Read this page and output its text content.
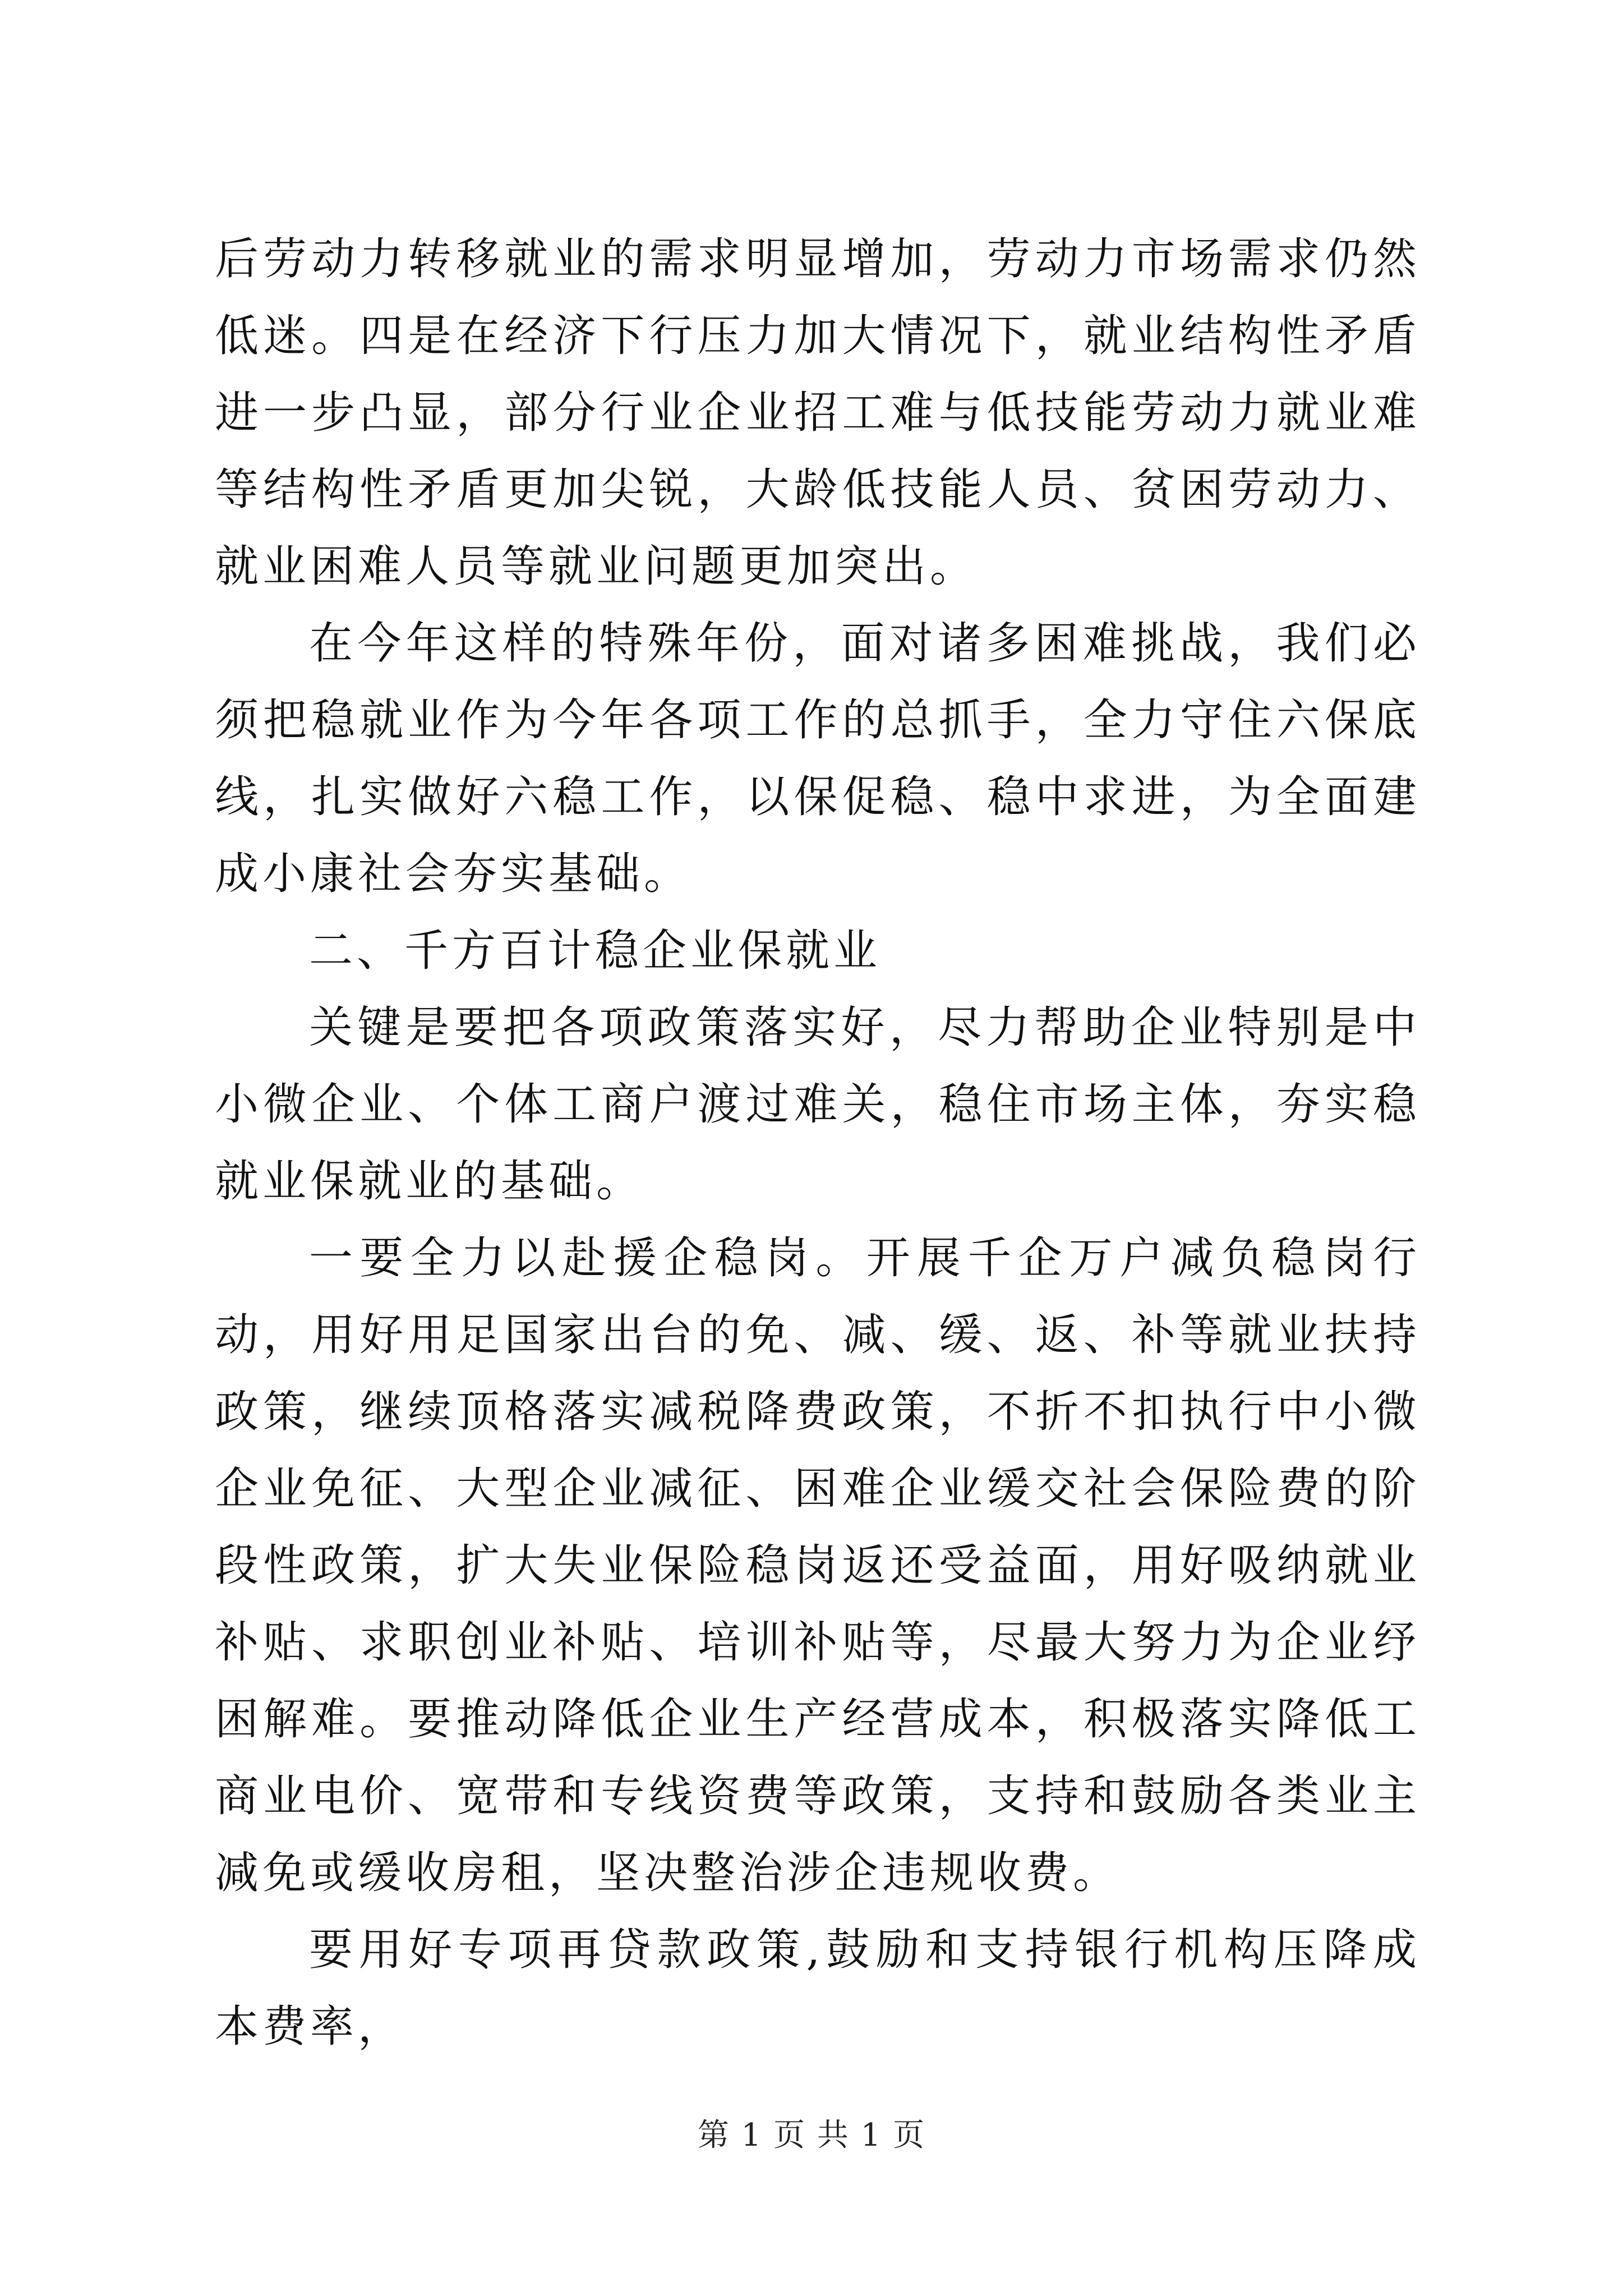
后劳动力转移就业的需求明显增加，劳动力市场需求仍然低迷。四是在经济下行压力加大情况下，就业结构性矛盾进一步凸显，部分行业企业招工难与低技能劳动力就业难等结构性矛盾更加尖锐，大龄低技能人员、贫困劳动力、就业困难人员等就业问题更加突出。

在今年这样的特殊年份，面对诸多困难挑战，我们必须把稳就业作为今年各项工作的总抓手，全力守住六保底线，扎实做好六稳工作，以保促稳、稳中求进，为全面建成小康社会夯实基础。

二、千方百计稳企业保就业

关键是要把各项政策落实好，尽力帮助企业特别是中小微企业、个体工商户渡过难关，稳住市场主体，夯实稳就业保就业的基础。

一要全力以赴援企稳岗。开展千企万户减负稳岗行动，用好用足国家出台的免、减、缓、返、补等就业扶持政策，继续顶格落实减税降费政策，不折不扣执行中小微企业免征、大型企业减征、困难企业缓交社会保险费的阶段性政策，扩大失业保险稳岗返还受益面，用好吸纳就业补贴、求职创业补贴、培训补贴等，尽最大努力为企业纾困解难。要推动降低企业生产经营成本，积极落实降低工商业电价、宽带和专线资费等政策，支持和鼓励各类业主减免或缓收房租，坚决整治涉企违规收费。

要用好专项再贷款政策,鼓励和支持银行机构压降成本费率，

第 1 页 共 1 页
